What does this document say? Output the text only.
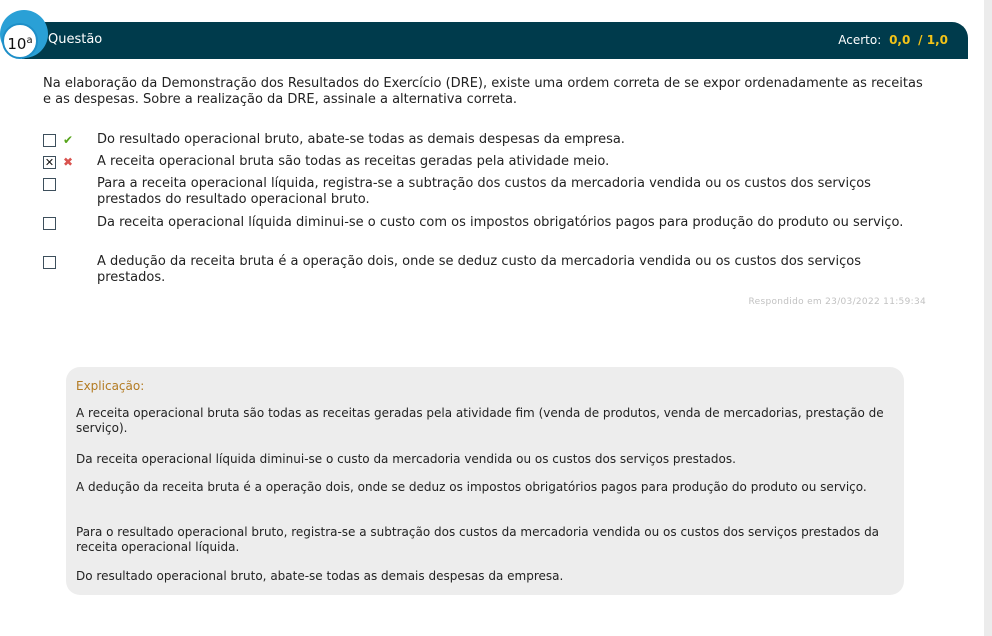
Questão	Acerto: 0,0 / 1,0
10$^a$
Na elaboração da Demonstração dos Resultados do Exercício (DRE), existe uma ordem correta de se expor ordenadamente as receitas e as despesas. Sobre a realização da DRE, assinale a alternativa correta.
✔ Do resultado operacional bruto, abate-se todas as demais despesas da empresa.
✕ ✖ A receita operacional bruta são todas as receitas geradas pela atividade meio.
Para a receita operacional líquida, registra-se a subtração dos custos da mercadoria vendida ou os custos dos serviços prestados do resultado operacional bruto.
Da receita operacional líquida diminui-se o custo com os impostos obrigatórios pagos para produção do produto ou serviço.
A dedução da receita bruta é a operação dois, onde se deduz custo da mercadoria vendida ou os custos dos serviços prestados.
Respondido em 23/03/2022 11:59:34
Explicação:
A receita operacional bruta são todas as receitas geradas pela atividade fim (venda de produtos, venda de mercadorias, prestação de serviço).
Da receita operacional líquida diminui-se o custo da mercadoria vendida ou os custos dos serviços prestados.
A dedução da receita bruta é a operação dois, onde se deduz os impostos obrigatórios pagos para produção do produto ou serviço.
Para o resultado operacional bruto, registra-se a subtração dos custos da mercadoria vendida ou os custos dos serviços prestados da receita operacional líquida.
Do resultado operacional bruto, abate-se todas as demais despesas da empresa.
